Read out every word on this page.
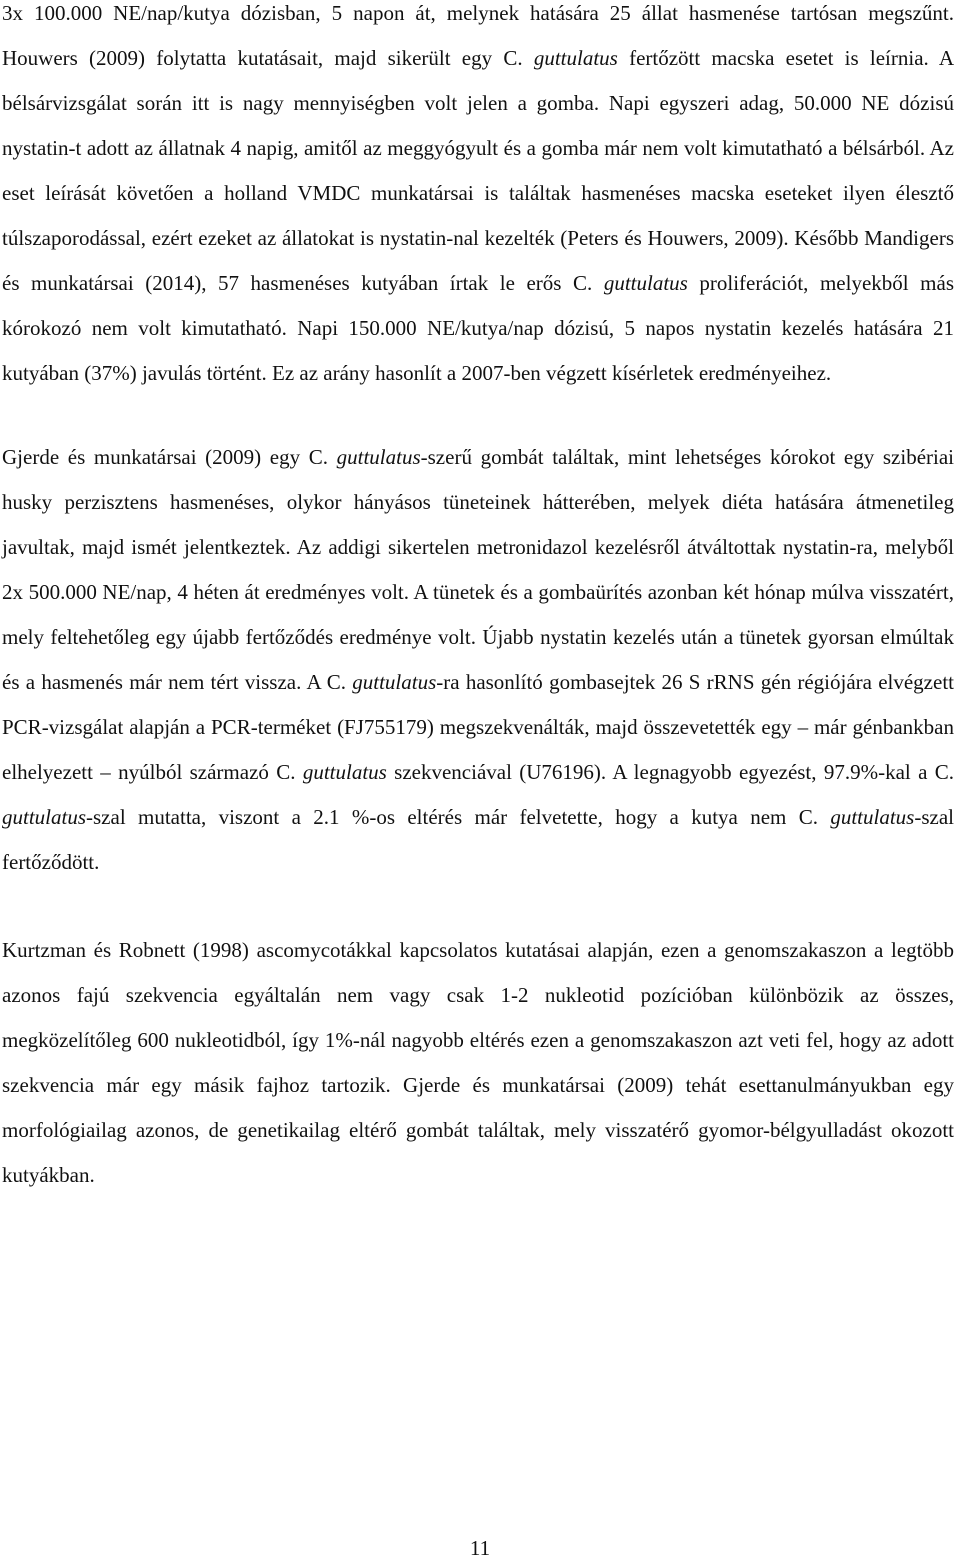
3x 100.000 NE/nap/kutya dózisban, 5 napon át, melynek hatására 25 állat hasmenése tartósan megszűnt. Houwers (2009) folytatta kutatásait, majd sikerült egy C. guttulatus fertőzött macska esetet is leírnia. A bélsárvizsgálat során itt is nagy mennyiségben volt jelen a gomba. Napi egyszeri adag, 50.000 NE dózisú nystatin-t adott az állatnak 4 napig, amitől az meggyógyult és a gomba már nem volt kimutatható a bélsárból. Az eset leírását követően a holland VMDC munkatársai is találtak hasmenéses macska eseteket ilyen élesztő túlszaporodással, ezért ezeket az állatokat is nystatin-nal kezelték (Peters és Houwers, 2009). Később Mandigers és munkatársai (2014), 57 hasmenéses kutyában írtak le erős C. guttulatus proliferációt, melyekből más kórokozó nem volt kimutatható. Napi 150.000 NE/kutya/nap dózisú, 5 napos nystatin kezelés hatására 21 kutyában (37%) javulás történt. Ez az arány hasonlít a 2007-ben végzett kísérletek eredményeihez.

Gjerde és munkatársai (2009) egy C. guttulatus-szerű gombát találtak, mint lehetséges kórokot egy szibériai husky perzisztens hasmenéses, olykor hányásos tüneteinek hátterében, melyek diéta hatására átmenetileg javultak, majd ismét jelentkeztek. Az addigi sikertelen metronidazol kezelésről átváltottak nystatin-ra, melyből 2x 500.000 NE/nap, 4 héten át eredményes volt. A tünetek és a gombaürítés azonban két hónap múlva visszatért, mely feltehetőleg egy újabb fertőződés eredménye volt. Újabb nystatin kezelés után a tünetek gyorsan elmúltak és a hasmenés már nem tért vissza. A C. guttulatus-ra hasonlító gombasejtek 26 S rRNS gén régiójára elvégzett PCR-vizsgálat alapján a PCR-terméket (FJ755179) megszekvenálták, majd összevetették egy – már génbankban elhelyezett – nyúlból származó C. guttulatus szekvenciával (U76196). A legnagyobb egyezést, 97.9%-kal a C. guttulatus-szal mutatta, viszont a 2.1 %-os eltérés már felvetette, hogy a kutya nem C. guttulatus-szal fertőződött.

Kurtzman és Robnett (1998) ascomycotákkal kapcsolatos kutatásai alapján, ezen a genomszakaszon a legtöbb azonos fajú szekvencia egyáltalán nem vagy csak 1-2 nukleotid pozícióban különbözik az összes, megközelítőleg 600 nukleotidból, így 1%-nál nagyobb eltérés ezen a genomszakaszon azt veti fel, hogy az adott szekvencia már egy másik fajhoz tartozik. Gjerde és munkatársai (2009) tehát esettanulmányukban egy morfológiailag azonos, de genetikailag eltérő gombát találtak, mely visszatérő gyomor-bélgyulladást okozott kutyákban.

11
